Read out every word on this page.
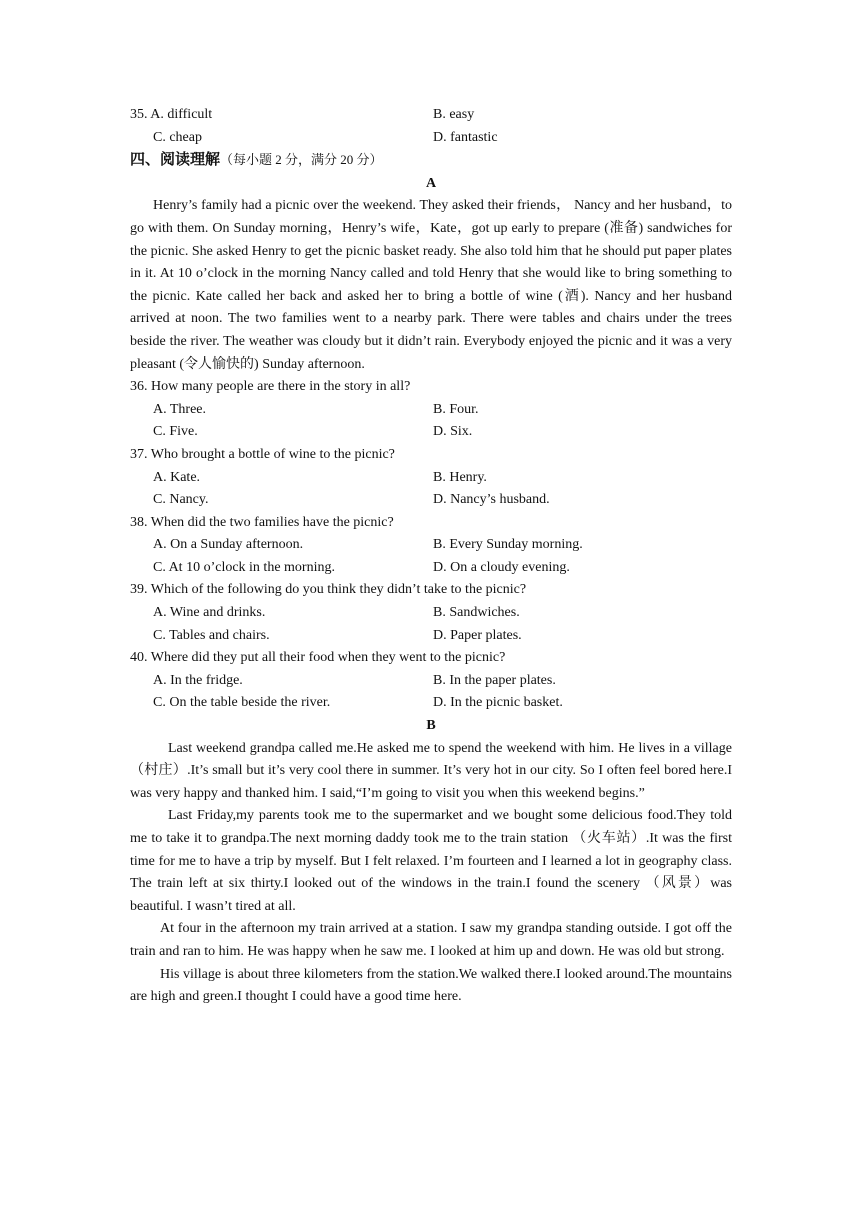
35. A. difficult	B. easy
C. cheap	D. fantastic
四、阅读理解（每小题 2 分，满分 20 分）
A
Henry’s family had a picnic over the weekend. They asked their friends， Nancy and her husband，to go with them. On Sunday morning，Henry’s wife，Kate，got up early to prepare (准备) sandwiches for the picnic. She asked Henry to get the picnic basket ready. She also told him that he should put paper plates in it. At 10 o’clock in the morning Nancy called and told Henry that she would like to bring something to the picnic. Kate called her back and asked her to bring a bottle of wine (酒). Nancy and her husband arrived at noon. The two families went to a nearby park. There were tables and chairs under the trees beside the river. The weather was cloudy but it didn’t rain. Everybody enjoyed the picnic and it was a very pleasant (令人愉快的) Sunday afternoon.
36. How many people are there in the story in all?
A. Three.	B. Four.
C. Five.	D. Six.
37. Who brought a bottle of wine to the picnic?
A. Kate.	B. Henry.
C. Nancy.	D. Nancy’s husband.
38. When did the two families have the picnic?
A. On a Sunday afternoon.	B. Every Sunday morning.
C. At 10 o’clock in the morning.	D. On a cloudy evening.
39. Which of the following do you think they didn’t take to the picnic?
A. Wine and drinks.	B. Sandwiches.
C. Tables and chairs.	D. Paper plates.
40. Where did they put all their food when they went to the picnic?
A. In the fridge.	B. In the paper plates.
C. On the table beside the river.	D. In the picnic basket.
B
Last weekend grandpa called me.He asked me to spend the weekend with him. He lives in a village （村庄）.It’s small but it’s very cool there in summer. It’s very hot in our city. So I often feel bored here.I was very happy and thanked him. I said,“I’m going to visit you when this weekend begins.”
Last Friday,my parents took me to the supermarket and we bought some delicious food.They told me to take it to grandpa.The next morning daddy took me to the train station （火车站）.It was the first time for me to have a trip by myself. But I felt relaxed. I’m fourteen and I learned a lot in geography class. The train left at six thirty.I looked out of the windows in the train.I found the scenery （风景）was beautiful. I wasn’t tired at all.
At four in the afternoon my train arrived at a station. I saw my grandpa standing outside. I got off the train and ran to him. He was happy when he saw me. I looked at him up and down. He was old but strong.
His village is about three kilometers from the station.We walked there.I looked around.The mountains are high and green.I thought I could have a good time here.
